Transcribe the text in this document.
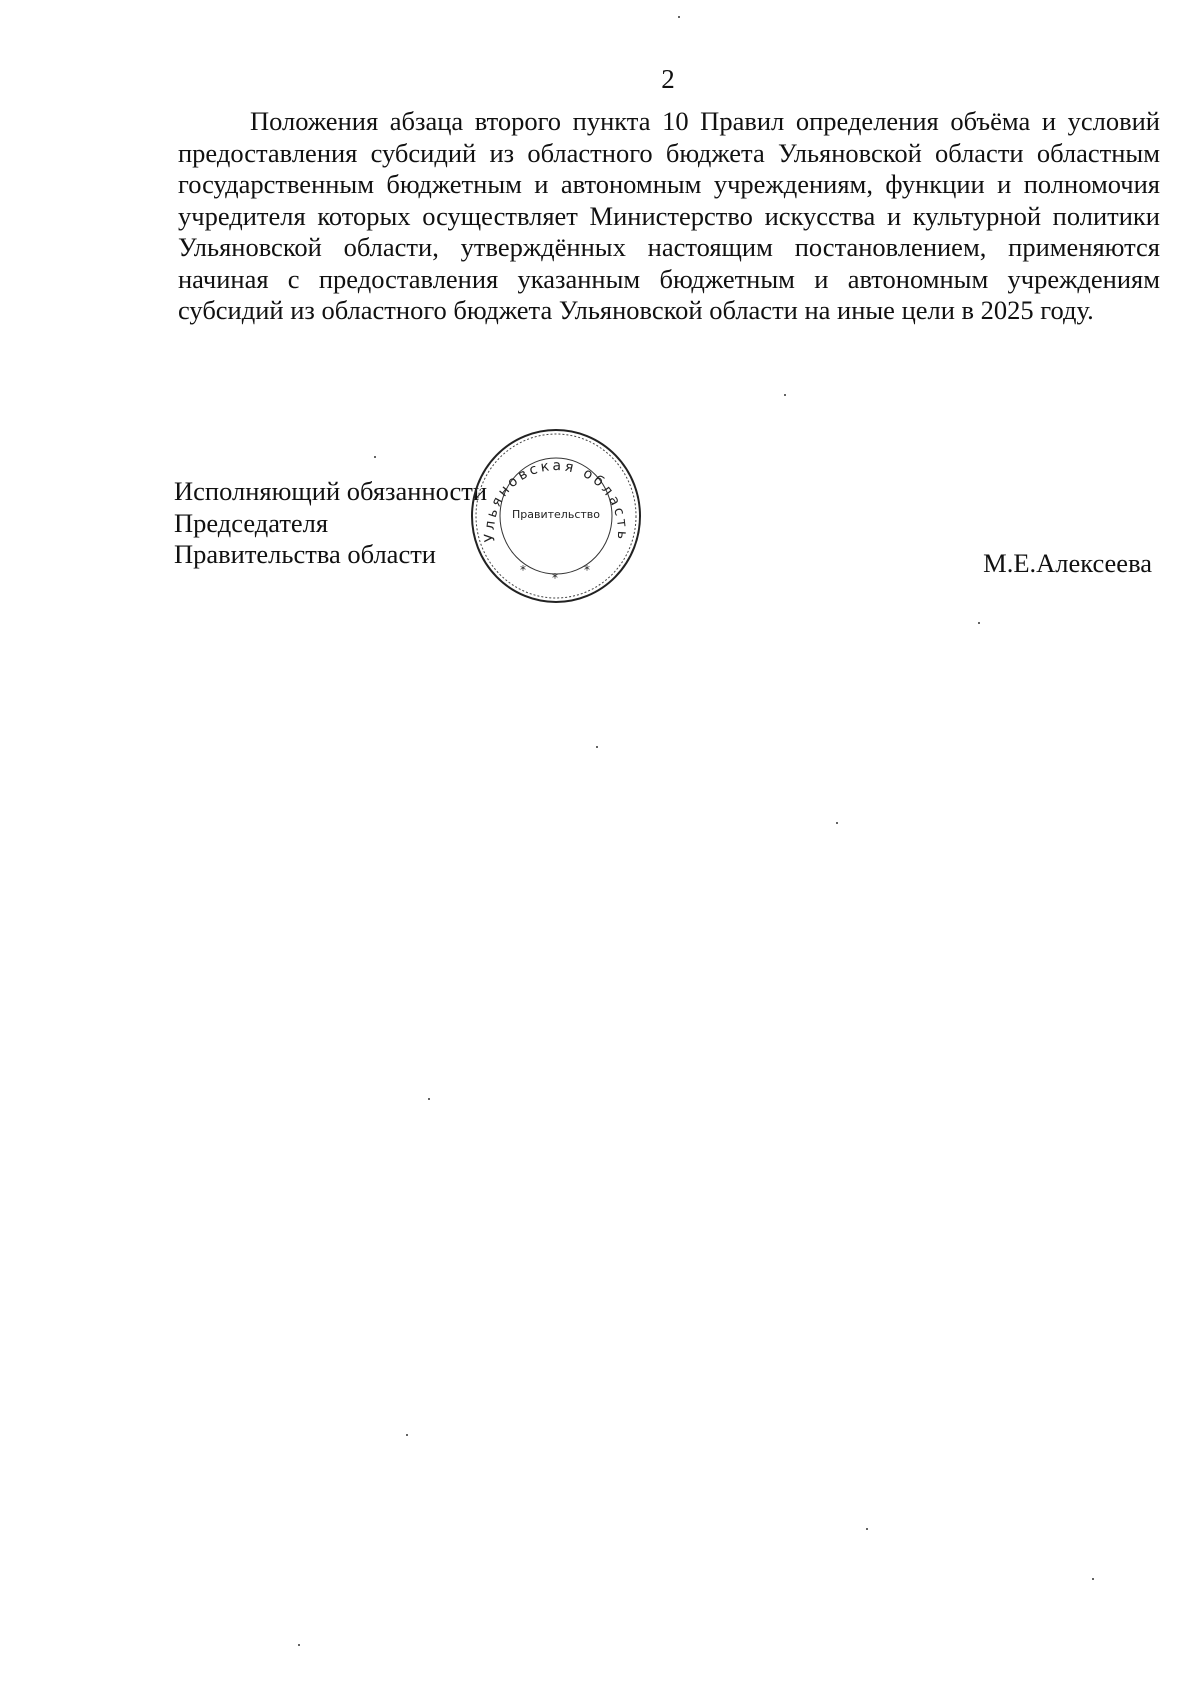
2

Положения абзаца второго пункта 10 Правил определения объёма и условий предоставления субсидий из областного бюджета Ульяновской области областным государственным бюджетным и автономным учреждениям, функции и полномочия учредителя которых осуществляет Министерство искусства и культурной политики Ульяновской области, утверждённых настоящим постановлением, применяются начиная с предоставления указанным бюджетным и автономным учреждениям субсидий из областного бюджета Ульяновской области на иные цели в 2025 году.

Исполняющий обязанности
Председателя
Правительства области
Ульяновская область
Правительство
*
*
*	М.Е.Алексеева
